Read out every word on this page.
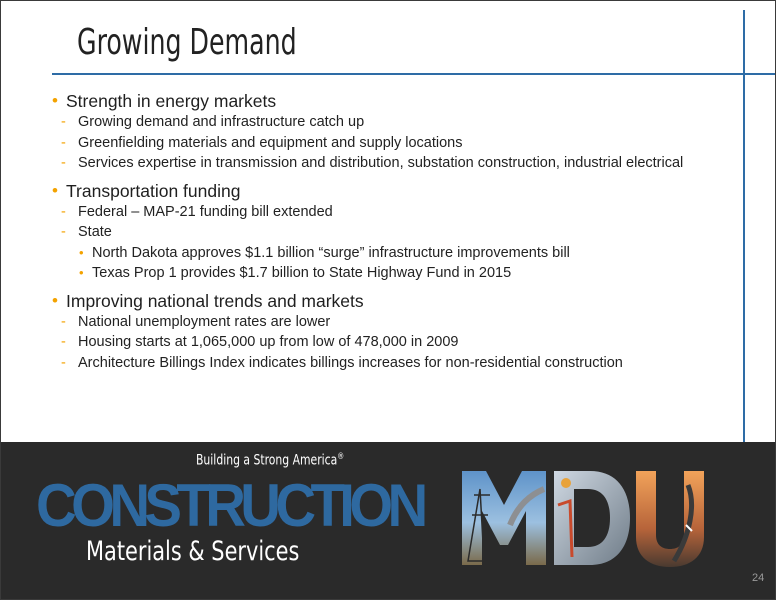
Growing Demand
• Strength in energy markets
- Growing demand and infrastructure catch up
- Greenfielding materials and equipment and supply locations
- Services expertise in transmission and distribution, substation construction, industrial electrical
• Transportation funding
- Federal – MAP-21 funding bill extended
- State
• North Dakota approves $1.1 billion “surge” infrastructure improvements bill
• Texas Prop 1 provides $1.7 billion to State Highway Fund in 2015
• Improving national trends and markets
- National unemployment rates are lower
- Housing starts at 1,065,000 up from low of 478,000 in 2009
- Architecture Billings Index indicates billings increases for non-residential construction
Building a Strong America®
CONSTRUCTION
Materials & Services
24
